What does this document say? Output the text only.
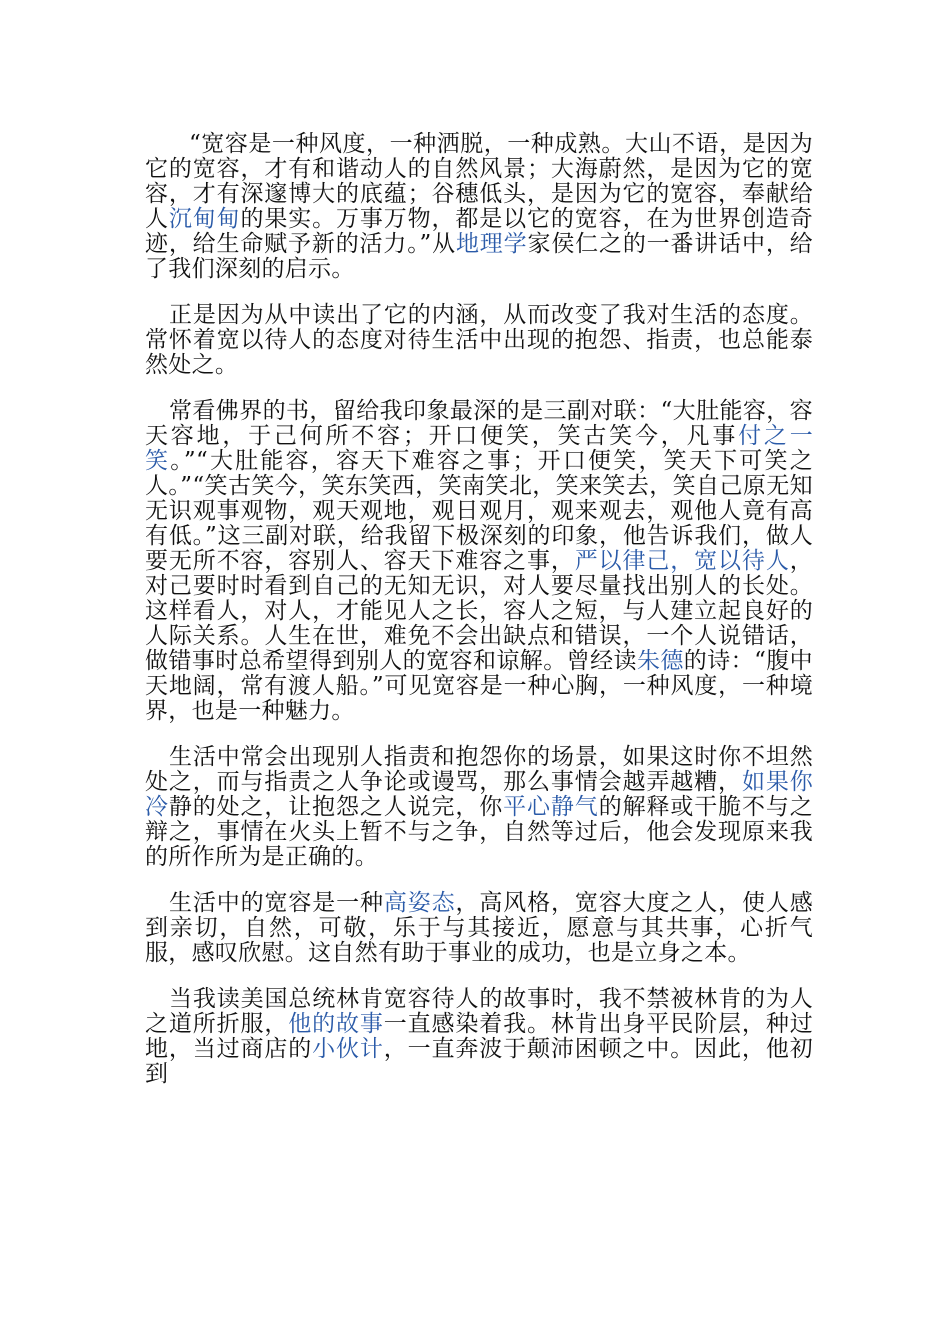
“宽容是一种风度，一种洒脱，一种成熟。大山不语，是因为它的宽容，才有和谐动人的自然风景；大海蔚然，是因为它的宽容，才有深邃博大的底蕴；谷穗低头，是因为它的宽容，奉献给人沉甸甸的果实。万事万物，都是以它的宽容，在为世界创造奇迹，给生命赋予新的活力。”从地理学家侯仁之的一番讲话中，给了我们深刻的启示。

正是因为从中读出了它的内涵，从而改变了我对生活的态度。常怀着宽以待人的态度对待生活中出现的抱怨、指责，也总能泰然处之。

常看佛界的书，留给我印象最深的是三副对联：“大肚能容，容天容地，于己何所不容；开口便笑，笑古笑今，凡事付之一笑。”“大肚能容，容天下难容之事；开口便笑，笑天下可笑之人。”“笑古笑今，笑东笑西，笑南笑北，笑来笑去，笑自己原无知无识观事观物，观天观地，观日观月，观来观去，观他人竟有高有低。”这三副对联，给我留下极深刻的印象，他告诉我们，做人要无所不容，容别人、容天下难容之事，严以律己，宽以待人，对己要时时看到自己的无知无识，对人要尽量找出别人的长处。这样看人，对人，才能见人之长，容人之短，与人建立起良好的人际关系。人生在世，难免不会出缺点和错误，一个人说错话，做错事时总希望得到别人的宽容和谅解。曾经读朱德的诗：“腹中天地阔，常有渡人船。”可见宽容是一种心胸，一种风度，一种境界，也是一种魅力。

生活中常会出现别人指责和抱怨你的场景，如果这时你不坦然处之，而与指责之人争论或谩骂，那么事情会越弄越糟，如果你冷静的处之，让抱怨之人说完，你平心静气的解释或干脆不与之辩之，事情在火头上暂不与之争，自然等过后，他会发现原来我的所作所为是正确的。

生活中的宽容是一种高姿态，高风格，宽容大度之人，使人感到亲切，自然，可敬，乐于与其接近，愿意与其共事，心折气服，感叹欣慰。这自然有助于事业的成功，也是立身之本。

当我读美国总统林肯宽容待人的故事时，我不禁被林肯的为人之道所折服，他的故事一直感染着我。林肯出身平民阶层，种过地，当过商店的小伙计，一直奔波于颠沛困顿之中。因此，他初到
